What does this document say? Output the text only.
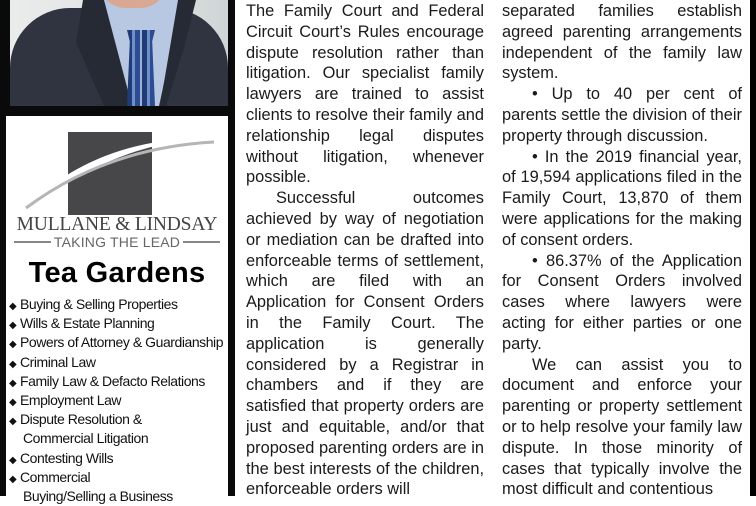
MULLANE & LINDSAY
TAKING THE LEAD
Tea Gardens
◆ Buying & Selling Properties
◆ Wills & Estate Planning
◆ Powers of Attorney & Guardianship
◆ Criminal Law
◆ Family Law & Defacto Relations
◆ Employment Law
◆ Dispute Resolution &
Commercial Litigation
◆ Contesting Wills
◆ Commercial
Buying/Selling a Business

The Family Court and Federal Circuit Court’s Rules encourage dispute resolution rather than litigation. Our specialist family lawyers are trained to assist clients to resolve their family and relationship legal disputes without litigation, whenever possible.

Successful outcomes achieved by way of negotiation or mediation can be drafted into enforceable terms of settlement, which are filed with an Application for Consent Orders in the Family Court. The application is generally considered by a Registrar in chambers and if they are satisfied that property orders are just and equitable, and/or that proposed parenting orders are in the best interests of the children, enforceable orders will

separated families establish agreed parenting arrangements independent of the family law system.

• Up to 40 per cent of parents settle the division of their property through discussion.

• In the 2019 financial year, of 19,594 applications filed in the Family Court, 13,870 of them were applications for the making of consent orders.

• 86.37% of the Application for Consent Orders involved cases where lawyers were acting for either parties or one party.

We can assist you to document and enforce your parenting or property settlement or to help resolve your family law dispute. In those minority of cases that typically involve the most difficult and contentious
